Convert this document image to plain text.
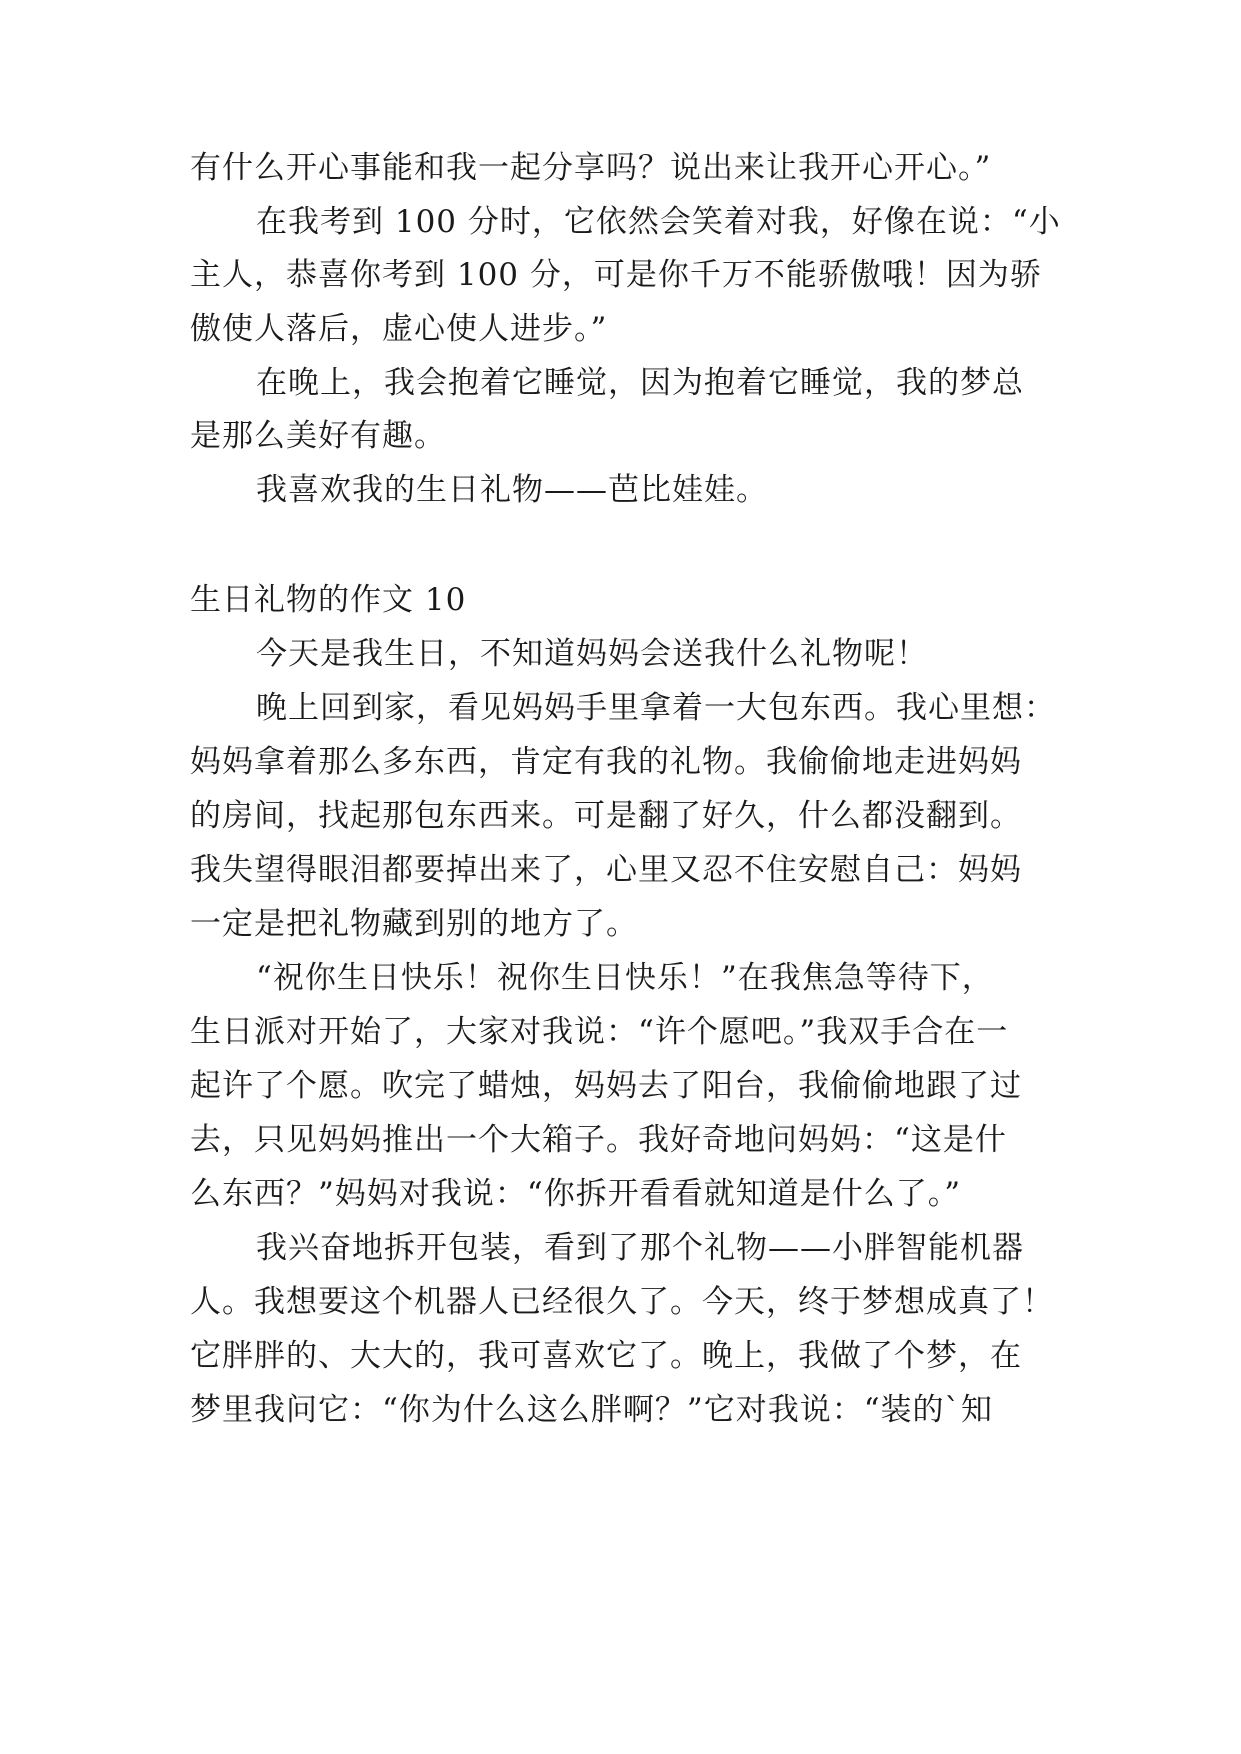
有什么开心事能和我一起分享吗？说出来让我开心开心。”
在我考到 100 分时，它依然会笑着对我，好像在说：“小
主人，恭喜你考到 100 分，可是你千万不能骄傲哦！因为骄
傲使人落后，虚心使人进步。”
在晚上，我会抱着它睡觉，因为抱着它睡觉，我的梦总
是那么美好有趣。
我喜欢我的生日礼物——芭比娃娃。
生日礼物的作文 10
今天是我生日，不知道妈妈会送我什么礼物呢！
晚上回到家，看见妈妈手里拿着一大包东西。我心里想：
妈妈拿着那么多东西，肯定有我的礼物。我偷偷地走进妈妈
的房间，找起那包东西来。可是翻了好久，什么都没翻到。
我失望得眼泪都要掉出来了，心里又忍不住安慰自己：妈妈
一定是把礼物藏到别的地方了。
“祝你生日快乐！祝你生日快乐！”在我焦急等待下，
生日派对开始了，大家对我说：“许个愿吧。”我双手合在一
起许了个愿。吹完了蜡烛，妈妈去了阳台，我偷偷地跟了过
去，只见妈妈推出一个大箱子。我好奇地问妈妈：“这是什
么东西？”妈妈对我说：“你拆开看看就知道是什么了。”
我兴奋地拆开包装，看到了那个礼物——小胖智能机器
人。我想要这个机器人已经很久了。今天，终于梦想成真了！
它胖胖的、大大的，我可喜欢它了。晚上，我做了个梦，在
梦里我问它：“你为什么这么胖啊？”它对我说：“装的`知
